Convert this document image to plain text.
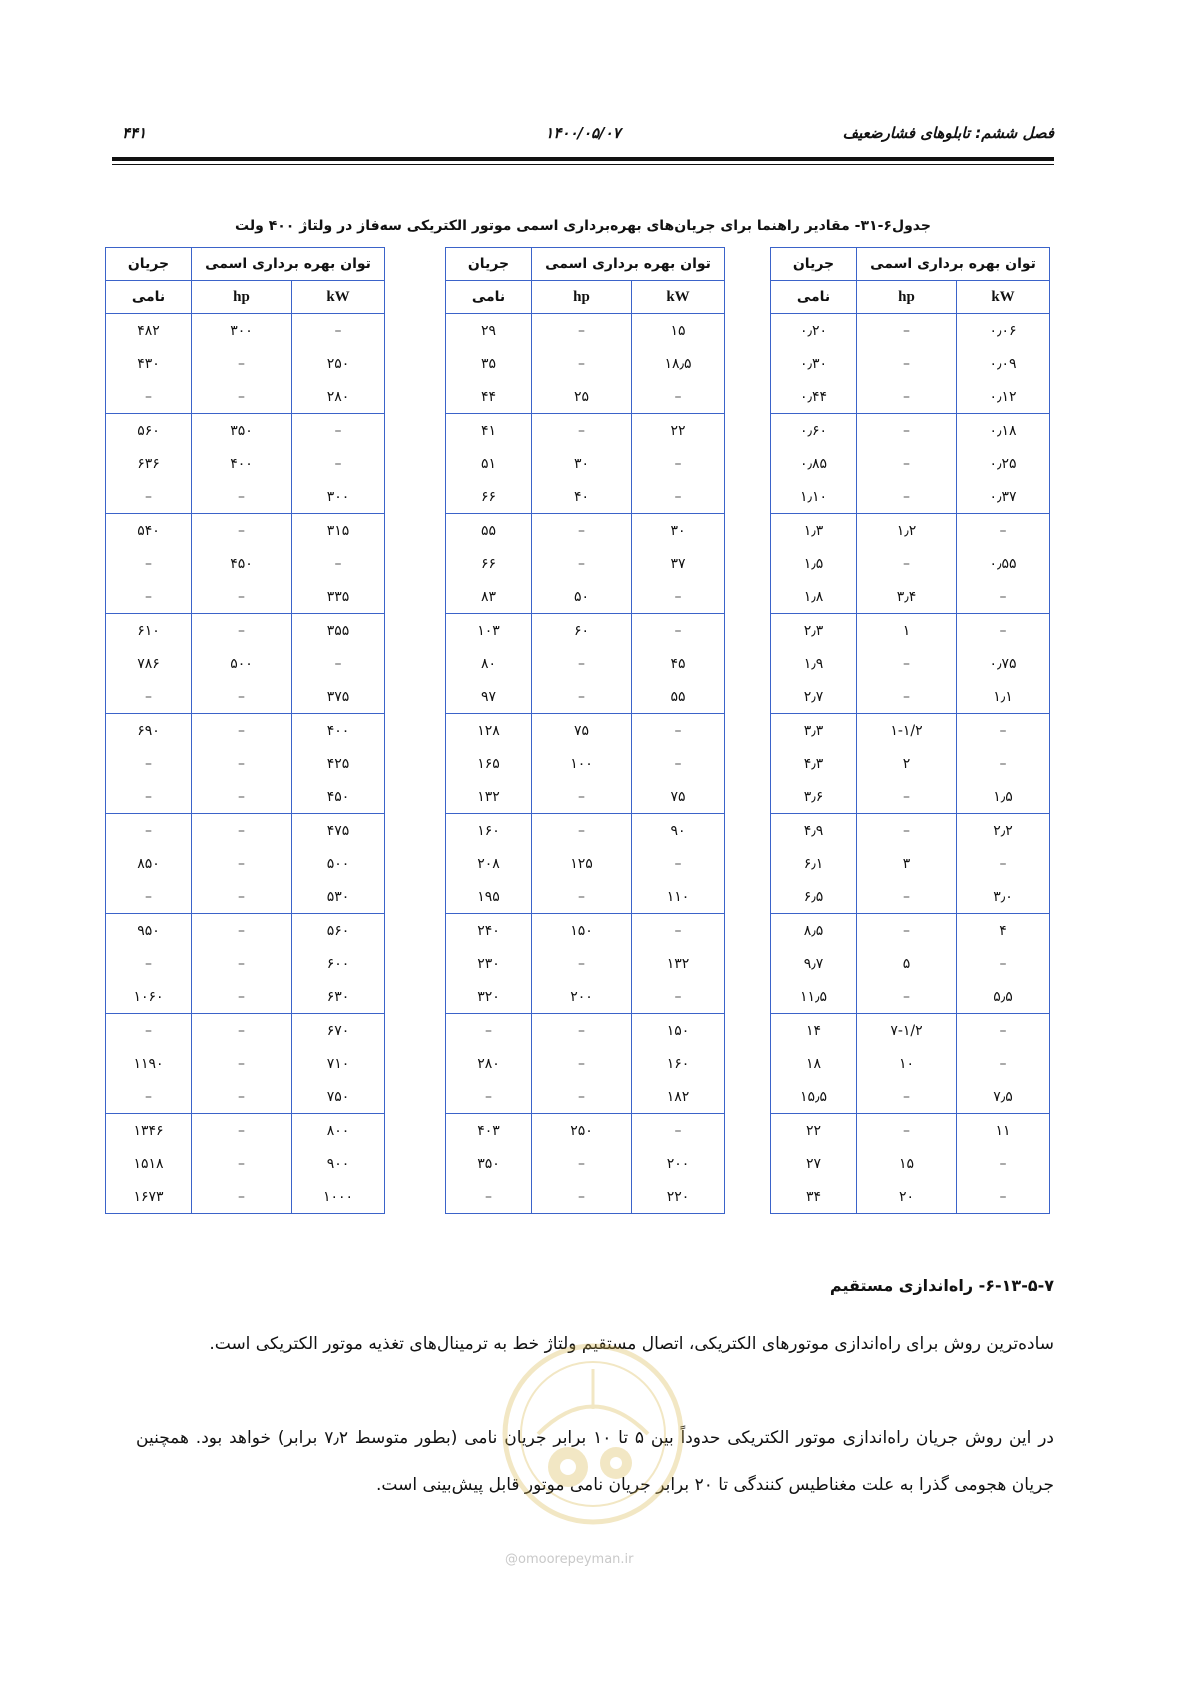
فصل ششم: تابلوهای فشارضعیف
۱۴۰۰/۰۵/۰۷
۴۴۱
جدول۶-۳۱- مقادیر راهنما برای جریان‌های بهره‌برداری اسمی موتور الکتریکی سه‌فاز در ولتاژ ۴۰۰ ولت
توان بهره برداری اسمی		جریان
kW	hp	نامی
۰٫۰۶	–	۰٫۲۰
۰٫۰۹	–	۰٫۳۰
۰٫۱۲	–	۰٫۴۴
۰٫۱۸	–	۰٫۶۰
۰٫۲۵	–	۰٫۸۵
۰٫۳۷	–	۱٫۱۰
–	۱٫۲	۱٫۳
۰٫۵۵	–	۱٫۵
–	۳٫۴	۱٫۸
–	۱	۲٫۳
۰٫۷۵	–	۱٫۹
۱٫۱	–	۲٫۷
–	۱-۱/۲	۳٫۳
–	۲	۴٫۳
۱٫۵	–	۳٫۶
۲٫۲	–	۴٫۹
–	۳	۶٫۱
۳٫۰	–	۶٫۵
۴	–	۸٫۵
–	۵	۹٫۷
۵٫۵	–	۱۱٫۵
–	۷-۱/۲	۱۴
–	۱۰	۱۸
۷٫۵	–	۱۵٫۵
۱۱	–	۲۲
–	۱۵	۲۷
–	۲۰	۳۴
توان بهره برداری اسمی		جریان
kW	hp	نامی
۱۵	–	۲۹
۱۸٫۵	–	۳۵
–	۲۵	۴۴
۲۲	–	۴۱
–	۳۰	۵۱
–	۴۰	۶۶
۳۰	–	۵۵
۳۷	–	۶۶
–	۵۰	۸۳
–	۶۰	۱۰۳
۴۵	–	۸۰
۵۵	–	۹۷
–	۷۵	۱۲۸
–	۱۰۰	۱۶۵
۷۵	–	۱۳۲
۹۰	–	۱۶۰
–	۱۲۵	۲۰۸
۱۱۰	–	۱۹۵
–	۱۵۰	۲۴۰
۱۳۲	–	۲۳۰
–	۲۰۰	۳۲۰
۱۵۰	–	–
۱۶۰	–	۲۸۰
۱۸۲	–	–
–	۲۵۰	۴۰۳
۲۰۰	–	۳۵۰
۲۲۰	–	–
توان بهره برداری اسمی		جریان
kW	hp	نامی
–	۳۰۰	۴۸۲
۲۵۰	–	۴۳۰
۲۸۰	–	–
–	۳۵۰	۵۶۰
–	۴۰۰	۶۳۶
۳۰۰	–	–
۳۱۵	–	۵۴۰
–	۴۵۰	–
۳۳۵	–	–
۳۵۵	–	۶۱۰
–	۵۰۰	۷۸۶
۳۷۵	–	–
۴۰۰	–	۶۹۰
۴۲۵	–	–
۴۵۰	–	–
۴۷۵	–	–
۵۰۰	–	۸۵۰
۵۳۰	–	–
۵۶۰	–	۹۵۰
۶۰۰	–	–
۶۳۰	–	۱۰۶۰
۶۷۰	–	–
۷۱۰	–	۱۱۹۰
۷۵۰	–	–
۸۰۰	–	۱۳۴۶
۹۰۰	–	۱۵۱۸
۱۰۰۰	–	۱۶۷۳
۶-۱۳-۵-۷- راه‌اندازی مستقیم
ساده‌ترین روش برای راه‌اندازی موتورهای الکتریکی، اتصال مستقیم ولتاژ خط به ترمینال‌های تغذیه موتور الکتریکی است.
در این روش جریان راه‌اندازی موتور الکتریکی حدوداً بین ۵ تا ۱۰ برابر جریان نامی (بطور متوسط ۷٫۲ برابر) خواهد بود. همچنین جریان هجومی گذرا به علت مغناطیس کنندگی تا ۲۰ برابر جریان نامی موتور قابل پیش‌بینی است.
@omoorepeyman.ir
